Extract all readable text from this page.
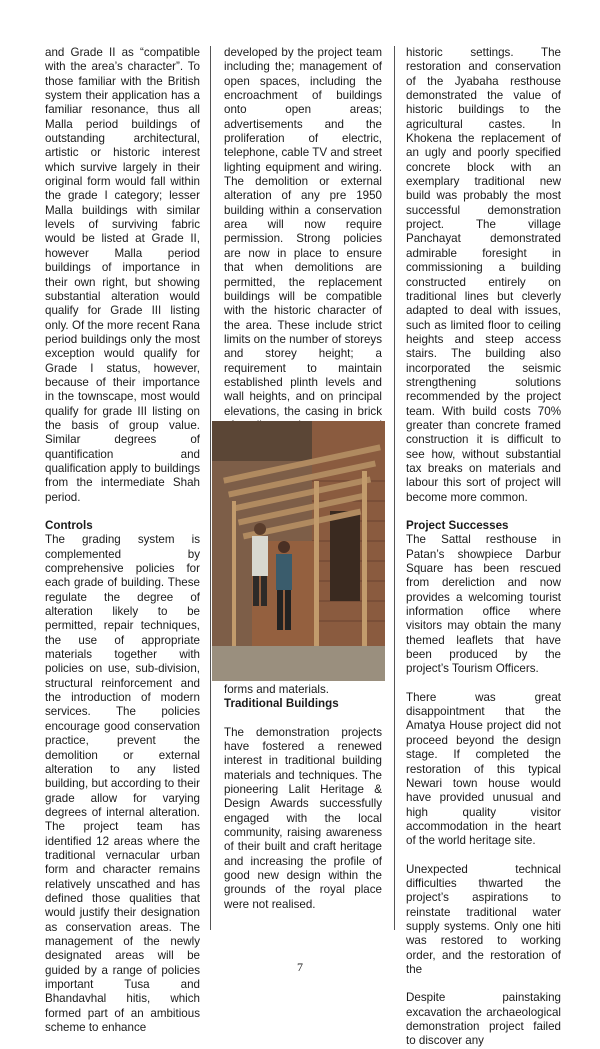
and Grade II as “compatible with the area’s character”. To those familiar with the British system their application has a familiar resonance, thus all Malla period buildings of outstanding architectural, artistic or historic interest which survive largely in their original form would fall within the grade I category; lesser Malla buildings with similar levels of surviving fabric would be listed at Grade II, however Malla period buildings of importance in their own right, but showing substantial alteration would qualify for Grade III listing only. Of the more recent Rana period buildings only the most exception would qualify for Grade I status, however, because of their importance in the townscape, most would qualify for grade III listing on the basis of group value. Similar degrees of quantification and qualification apply to buildings from the intermediate Shah period.

Controls

The grading system is complemented by comprehensive policies for each grade of building. These regulate the degree of alteration likely to be permitted, repair techniques, the use of appropriate materials together with policies on use, sub-division, structural reinforcement and the introduction of modern services. The policies encourage good conservation practice, prevent the demolition or external alteration to any listed building, but according to their grade allow for varying degrees of internal alteration. The project team has identified 12 areas where the traditional vernacular urban form and character remains relatively unscathed and has defined those qualities that would justify their designation as conservation areas. The management of the newly designated areas will be guided by a range of policies important Tusa and Bhandavhal hitis, which formed part of an ambitious scheme to enhance

developed by the project team including the; management of open spaces, including the encroachment of buildings onto open areas; advertisements and the proliferation of electric, telephone, cable TV and street lighting equipment and wiring. The demolition or external alteration of any pre 1950 building within a conservation area will now require permission. Strong policies are now in place to ensure that when demolitions are permitted, the replacement buildings will be compatible with the historic character of the area. These include strict limits on the number of storeys and storey height; a requirement to maintain established plinth levels and wall heights, and on principal elevations, the casing in brick

forms and materials.

Traditional Buildings

The demonstration projects have fostered a renewed interest in traditional building materials and techniques. The pioneering Lalit Heritage & Design Awards successfully engaged with the local community, raising awareness of their built and craft heritage and increasing the profile of good new design within the grounds of the royal place were not realised.

historic settings. The restoration and conservation of the Jyabaha resthouse demonstrated the value of historic buildings to the agricultural castes. In Khokena the replacement of an ugly and poorly specified concrete block with an exemplary traditional new build was probably the most successful demonstration project. The village Panchayat demonstrated admirable foresight in commissioning a building constructed entirely on traditional lines but cleverly adapted to deal with issues, such as limited floor to ceiling heights and steep access stairs. The building also incorporated the seismic strengthening solutions recommended by the project team. With build costs 70% greater than concrete framed construction it is difficult to see how, without substantial tax breaks on materials and labour this sort of project will become more common.

Project Successes

The Sattal resthouse in Patan’s showpiece Darbur Square has been rescued from dereliction and now provides a welcoming tourist information office where visitors may obtain the many themed leaflets that have been produced by the project’s Tourism Officers.

There was great disappointment that the Amatya House project did not proceed beyond the design stage. If completed the restoration of this typical Newari town house would have provided unusual and high quality visitor accommodation in the heart of the world heritage site.

Unexpected technical difficulties thwarted the project’s aspirations to reinstate traditional water supply systems. Only one hiti was restored to working order, and the restoration of the

Despite painstaking excavation the archaeological demonstration project failed to discover any

7
